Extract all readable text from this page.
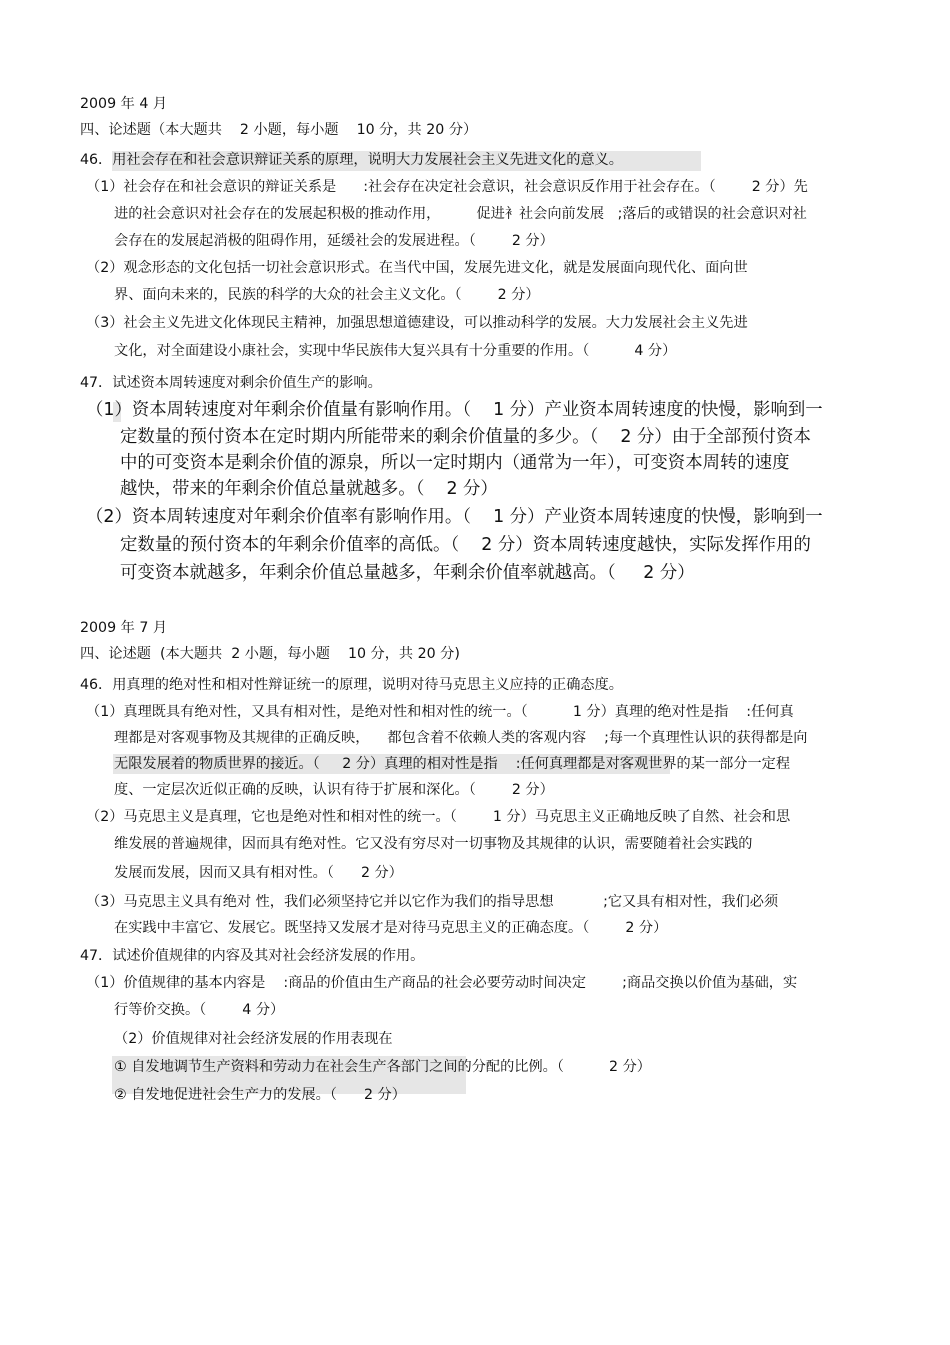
2009 年 4 月
四、论述题（本大题共    2 小题，每小题    10 分，共 20 分）
46．用社会存在和社会意识辩证关系的原理，说明大力发展社会主义先进文化的意义。
（1）社会存在和社会意识的辩证关系是      :社会存在决定社会意识，社会意识反作用于社会存在。（        2 分）先
进的社会意识对社会存在的发展起积极的推动作用，        促进衤社会向前发展   ;落后的或错误的社会意识对社
会存在的发展起消极的阻碍作用，延缓社会的发展进程。（        2 分）
（2）观念形态的文化包括一切社会意识形式。在当代中国，发展先进文化，就是发展面向现代化、面向世
界、面向未来的，民族的科学的大众的社会主义文化。（        2 分）
（3）社会主义先进文化体现民主精神，加强思想道德建设，可以推动科学的发展。大力发展社会主义先进
文化，对全面建设小康社会，实现中华民族伟大复兴具有十分重要的作用。（          4 分）
47．试述资本周转速度对剩余价值生产的影响。
（1）资本周转速度对年剩余价值量有影响作用。（    1 分）产业资本周转速度的快慢，影响到一
定数量的预付资本在定时期内所能带来的剩余价值量的多少。（    2 分）由于全部预付资本
中的可变资本是剩余价值的源泉，所以一定时期内（通常为一年），可变资本周转的速度
越快，带来的年剩余价值总量就越多。（    2 分）
（2）资本周转速度对年剩余价值率有影响作用。（    1 分）产业资本周转速度的快慢，影响到一
定数量的预付资本的年剩余价值率的高低。（    2 分）资本周转速度越快，实际发挥作用的
可变资本就越多，年剩余价值总量越多，年剩余价值率就越高。（     2 分）
2009 年 7 月
四、论述题  (本大题共  2 小题，每小题    10 分，共 20 分)
46．用真理的绝对性和相对性辩证统一的原理，说明对待马克思主义应持的正确态度。
（1）真理既具有绝对性，又具有相对性，是绝对性和相对性的统一。（          1 分）真理的绝对性是指    :任何真
理都是对客观事物及其规律的正确反映，    都包含着不依赖人类的客观内容    ;每一个真理性认识的获得都是向
无限发展着的物质世界的接近。（     2 分）真理的相对性是指    :任何真理都是对客观世界的某一部分一定程
度、一定层次近似正确的反映，认识有待于扩展和深化。（        2 分）
（2）马克思主义是真理，它也是绝对性和相对性的统一。（        1 分）马克思主义正确地反映了自然、社会和思
维发展的普遍规律，因而具有绝对性。它又没有穷尽对一切事物及其规律的认识，需要随着社会实践的
发展而发展，因而又具有相对性。（      2 分）
（3）马克思主义具有绝对 性，我们必须坚持它并以它作为我们的指导思想           ;它又具有相对性，我们必须
在实践中丰富它、发展它。既坚持又发展才是对待马克思主义的正确态度。（        2 分）
47．试述价值规律的内容及其对社会经济发展的作用。
（1）价值规律的基本内容是    :商品的价值由生产商品的社会必要劳动时间决定        ;商品交换以价值为基础，实
行等价交换。（        4 分）
（2）价值规律对社会经济发展的作用表现在
① 自发地调节生产资料和劳动力在社会生产各部门之间的分配的比例。（          2 分）
② 自发地促进社会生产力的发展。（      2 分）
